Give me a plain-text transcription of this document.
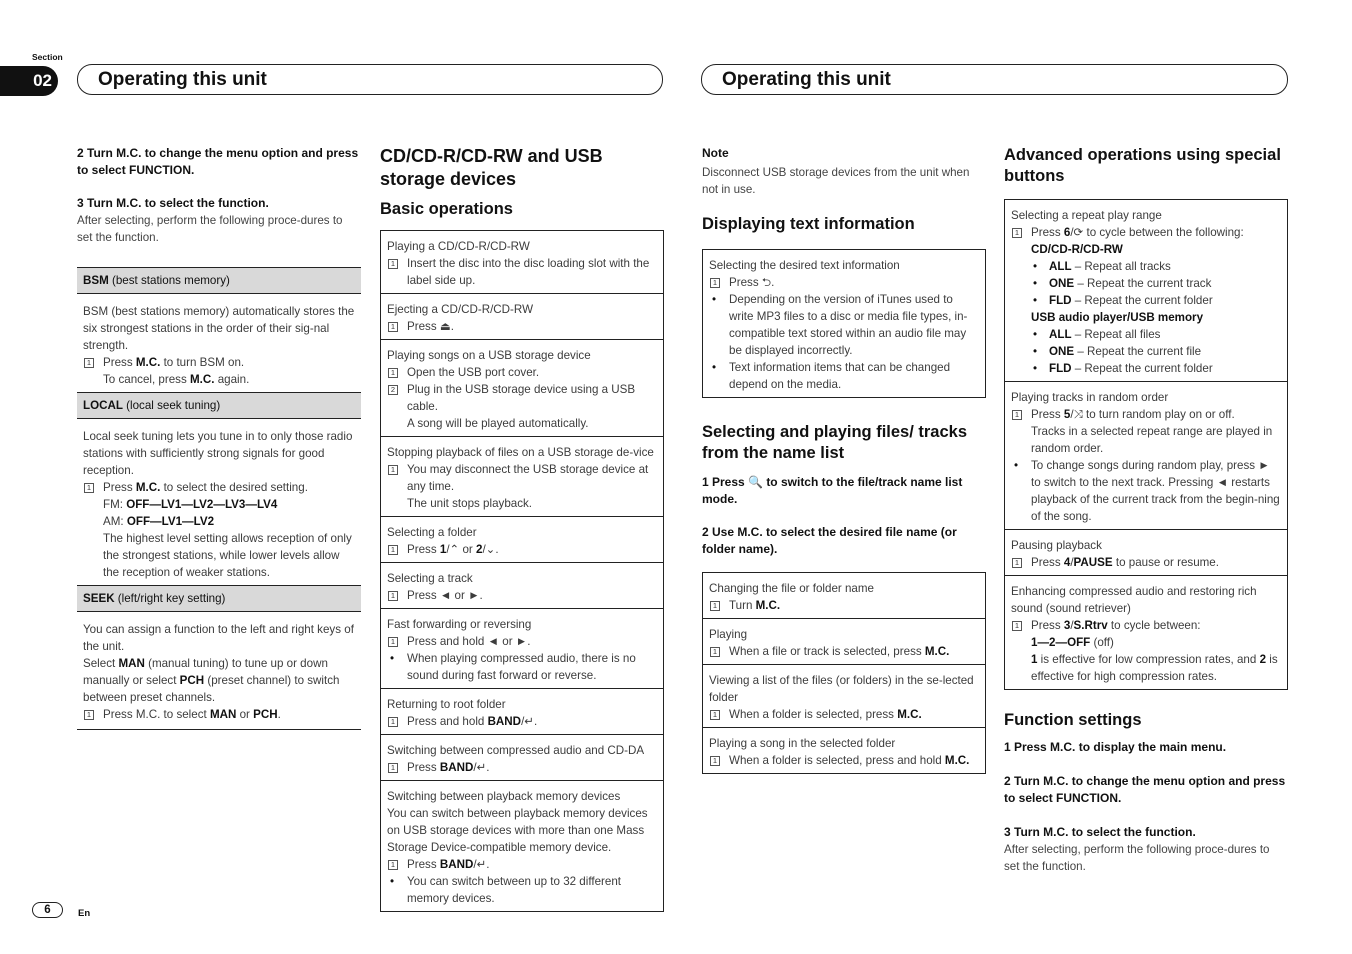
Section
02	Operating this unit	Operating this unit
2 Turn M.C. to change the menu option and press to select FUNCTION.
3 Turn M.C. to select the function.
After selecting, perform the following proce-dures to set the function.
BSM (best stations memory)
BSM (best stations memory) automatically stores the six strongest stations in the order of their sig-nal strength.
1 Press M.C. to turn BSM on.
To cancel, press M.C. again.
LOCAL (local seek tuning)
Local seek tuning lets you tune in to only those radio stations with sufficiently strong signals for good reception.
1 Press M.C. to select the desired setting.
FM: OFF—LV1—LV2—LV3—LV4
AM: OFF—LV1—LV2
The highest level setting allows reception of only the strongest stations, while lower levels allow the reception of weaker stations.
SEEK (left/right key setting)
You can assign a function to the left and right keys of the unit.
Select MAN (manual tuning) to tune up or down manually or select PCH (preset channel) to switch between preset channels.
1 Press M.C. to select MAN or PCH.
CD/CD-R/CD-RW and USB storage devices
Basic operations
Playing a CD/CD-R/CD-RW
1 Insert the disc into the disc loading slot with the label side up.
Ejecting a CD/CD-R/CD-RW
1 Press ⏏.
Playing songs on a USB storage device
1 Open the USB port cover.
2 Plug in the USB storage device using a USB cable.
A song will be played automatically.
Stopping playback of files on a USB storage de-vice
1 You may disconnect the USB storage device at any time.
The unit stops playback.
Selecting a folder
1 Press 1/⌃ or 2/⌄.
Selecting a track
1 Press ◄ or ►.
Fast forwarding or reversing
1 Press and hold ◄ or ►.
• When playing compressed audio, there is no sound during fast forward or reverse.
Returning to root folder
1 Press and hold BAND/↵.
Switching between compressed audio and CD-DA
1 Press BAND/↵.
Switching between playback memory devices
You can switch between playback memory devices on USB storage devices with more than one Mass Storage Device-compatible memory device.
1 Press BAND/↵.
• You can switch between up to 32 different memory devices.
Note
Disconnect USB storage devices from the unit when not in use.
Displaying text information
Selecting the desired text information
1 Press ⮌.
• Depending on the version of iTunes used to write MP3 files to a disc or media file types, in-compatible text stored within an audio file may be displayed incorrectly.
• Text information items that can be changed depend on the media.
Selecting and playing files/ tracks from the name list
1 Press 🔍 to switch to the file/track name list mode.
2 Use M.C. to select the desired file name (or folder name).
Changing the file or folder name
1 Turn M.C.
Playing
1 When a file or track is selected, press M.C.
Viewing a list of the files (or folders) in the se-lected folder
1 When a folder is selected, press M.C.
Playing a song in the selected folder
1 When a folder is selected, press and hold M.C.
Advanced operations using special buttons
Selecting a repeat play range
1 Press 6/⟳ to cycle between the following:
CD/CD-R/CD-RW
• ALL – Repeat all tracks
• ONE – Repeat the current track
• FLD – Repeat the current folder
USB audio player/USB memory
• ALL – Repeat all files
• ONE – Repeat the current file
• FLD – Repeat the current folder
Playing tracks in random order
1 Press 5/⤨ to turn random play on or off.
Tracks in a selected repeat range are played in random order.
• To change songs during random play, press ► to switch to the next track. Pressing ◄ restarts playback of the current track from the begin-ning of the song.
Pausing playback
1 Press 4/PAUSE to pause or resume.
Enhancing compressed audio and restoring rich sound (sound retriever)
1 Press 3/S.Rtrv to cycle between:
1—2—OFF (off)
1 is effective for low compression rates, and 2 is effective for high compression rates.
Function settings
1 Press M.C. to display the main menu.
2 Turn M.C. to change the menu option and press to select FUNCTION.
3 Turn M.C. to select the function.
After selecting, perform the following proce-dures to set the function.
6	En
